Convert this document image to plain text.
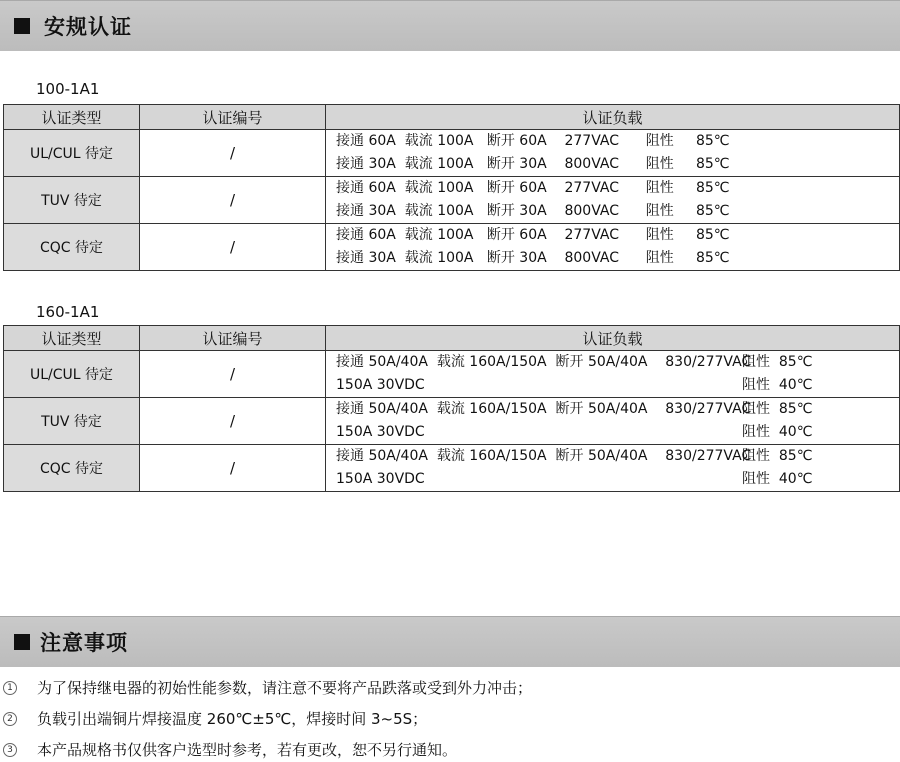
安规认证
100-1A1
认证类型	认证编号	认证负载
UL/CUL 待定	/	接通 60A  载流 100A   断开 60A    277VAC      阻性     85℃
接通 30A  载流 100A   断开 30A    800VAC      阻性     85℃

TUV 待定	/	接通 60A  载流 100A   断开 60A    277VAC      阻性     85℃
接通 30A  载流 100A   断开 30A    800VAC      阻性     85℃

CQC 待定	/	接通 60A  载流 100A   断开 60A    277VAC      阻性     85℃
接通 30A  载流 100A   断开 30A    800VAC      阻性     85℃
160-1A1
认证类型	认证编号	认证负载
UL/CUL 待定	/	接通 50A/40A  载流 160A/150A  断开 50A/40A    830/277VAC
阻性  85℃
150A 30VDC 阻性  40℃

TUV 待定	/	接通 50A/40A  载流 160A/150A  断开 50A/40A    830/277VAC
阻性  85℃
150A 30VDC 阻性  40℃

CQC 待定	/	接通 50A/40A  载流 160A/150A  断开 50A/40A    830/277VAC
阻性  85℃
150A 30VDC 阻性  40℃
注意事项
1 为了保持继电器的初始性能参数，请注意不要将产品跌落或受到外力冲击；
2 负载引出端铜片焊接温度 260℃±5℃，焊接时间 3~5S；
3 本产品规格书仅供客户选型时参考，若有更改，恕不另行通知。
